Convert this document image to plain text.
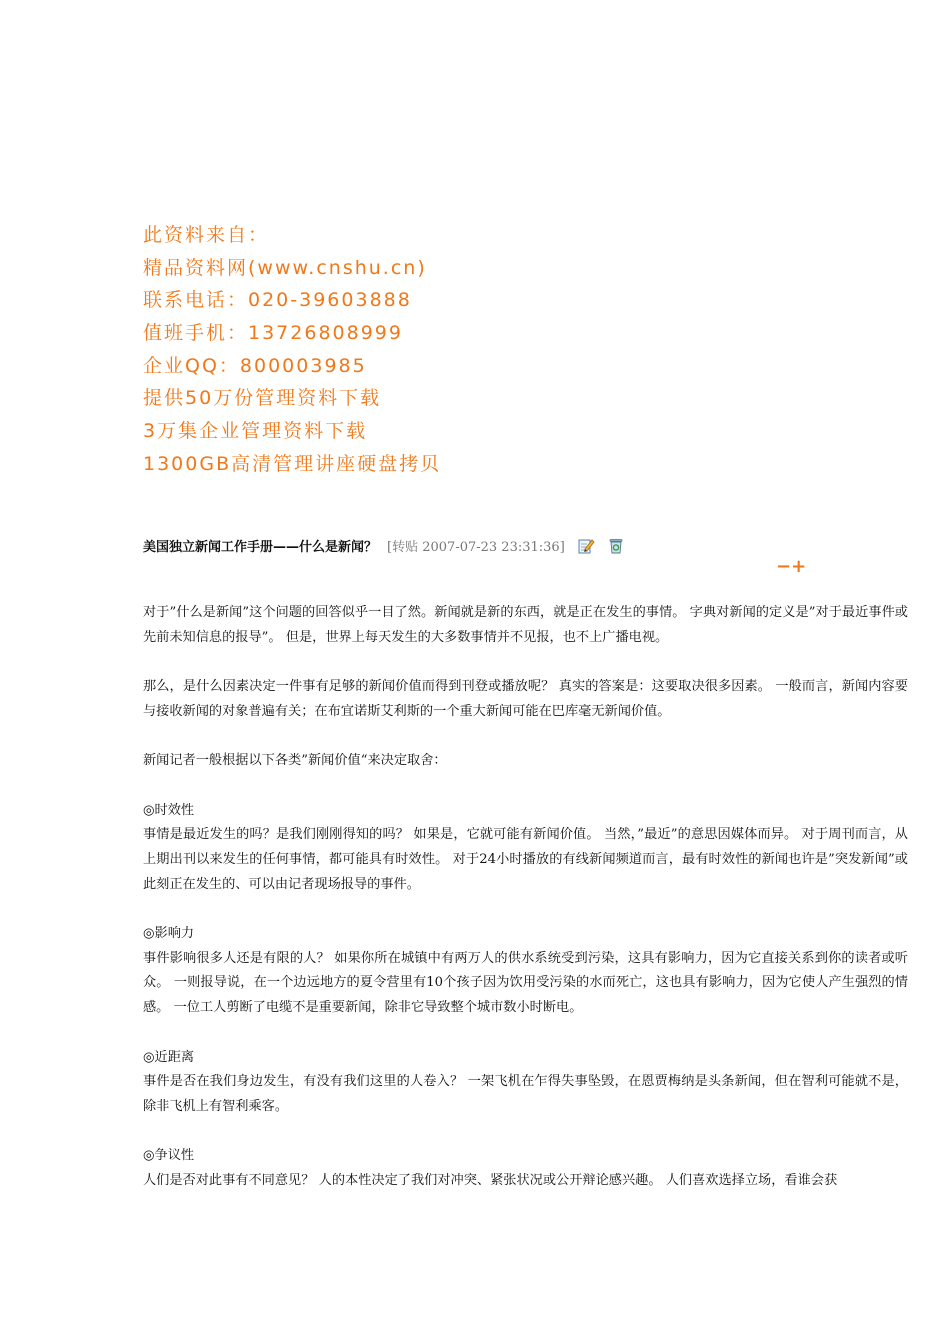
此资料来自：
精品资料网(www.cnshu.cn)
联系电话：020-39603888
值班手机：13726808999
企业QQ：800003985
提供50万份管理资料下载
3万集企业管理资料下载
1300GB高清管理讲座硬盘拷贝
美国独立新闻工作手册——什么是新闻？ [转贴 2007-07-23 23:31:36]
−+

对于”什么是新闻”这个问题的回答似乎一目了然。新闻就是新的东西，就是正在发生的事情。 字典对新闻的定义是”对于最近事件或先前未知信息的报导”。 但是，世界上每天发生的大多数事情并不见报，也不上广播电视。

那么，是什么因素决定一件事有足够的新闻价值而得到刊登或播放呢？ 真实的答案是：这要取决很多因素。 一般而言，新闻内容要与接收新闻的对象普遍有关；在布宜诺斯艾利斯的一个重大新闻可能在巴库毫无新闻价值。

新闻记者一般根据以下各类”新闻价值“来决定取舍：

◎时效性
事情是最近发生的吗？是我们刚刚得知的吗？ 如果是，它就可能有新闻价值。 当然，”最近”的意思因媒体而异。 对于周刊而言，从上期出刊以来发生的任何事情，都可能具有时效性。 对于24小时播放的有线新闻频道而言，最有时效性的新闻也许是”突发新闻”或此刻正在发生的、可以由记者现场报导的事件。
◎影响力
事件影响很多人还是有限的人？ 如果你所在城镇中有两万人的供水系统受到污染，这具有影响力，因为它直接关系到你的读者或听众。 一则报导说，在一个边远地方的夏令营里有10个孩子因为饮用受污染的水而死亡，这也具有影响力，因为它使人产生强烈的情感。 一位工人剪断了电缆不是重要新闻，除非它导致整个城市数小时断电。
◎近距离
事件是否在我们身边发生，有没有我们这里的人卷入？ 一架飞机在乍得失事坠毁，在恩贾梅纳是头条新闻，但在智利可能就不是，除非飞机上有智利乘客。
◎争议性
人们是否对此事有不同意见？ 人的本性决定了我们对冲突、紧张状况或公开辩论感兴趣。 人们喜欢选择立场，看谁会获
